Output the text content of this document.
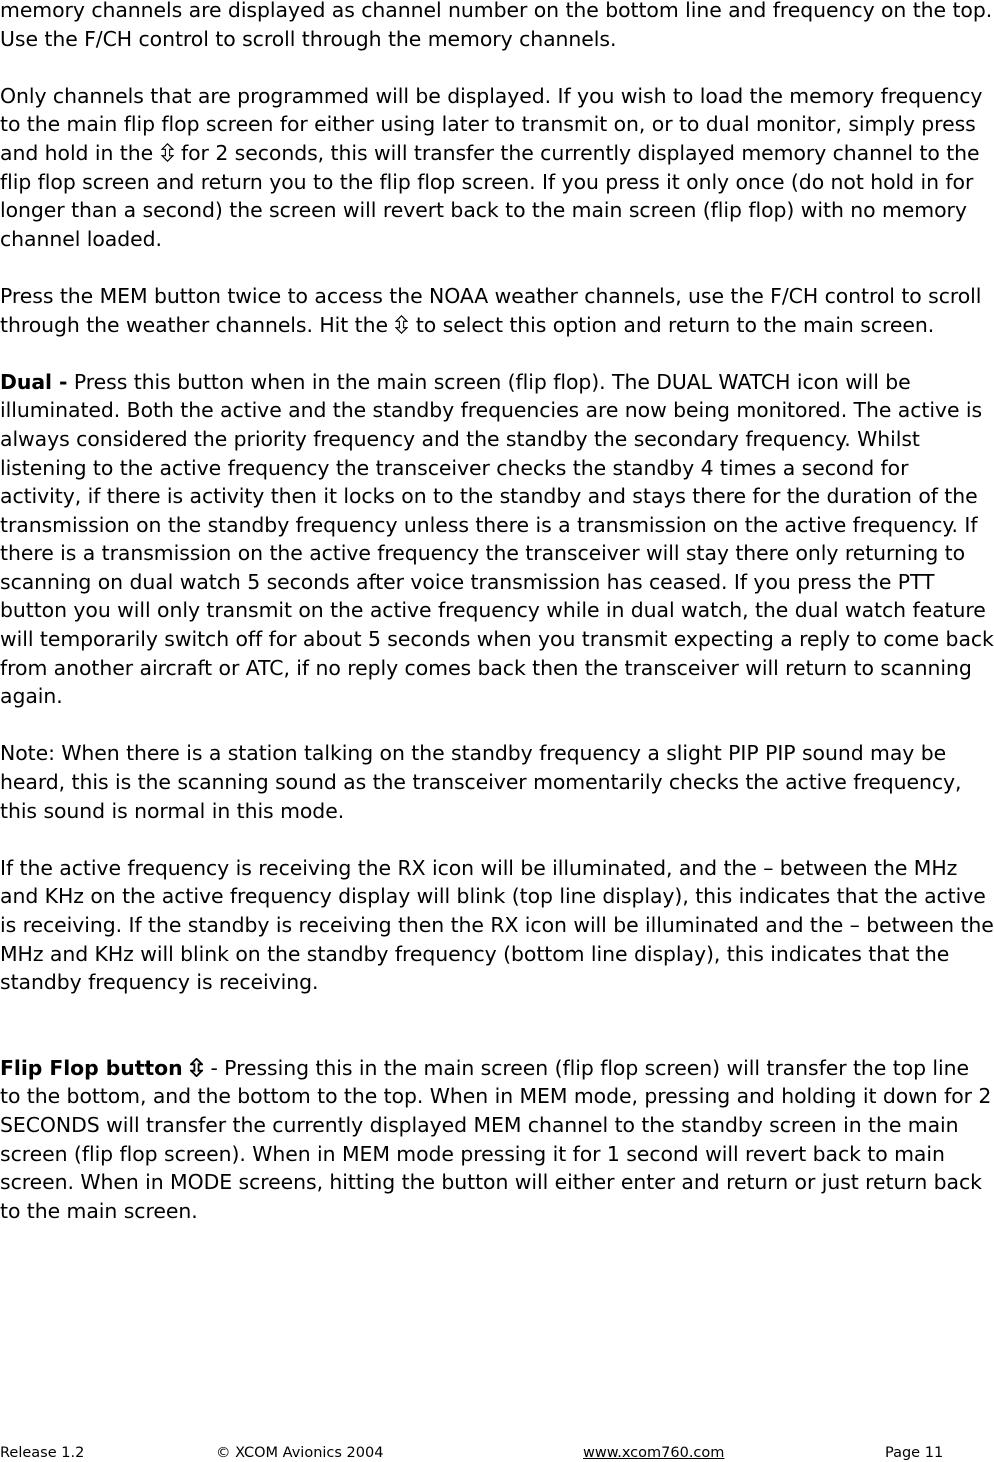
memory channels are displayed as channel number on the bottom line and frequency on the top. Use the F/CH control to scroll through the memory channels.

Only channels that are programmed will be displayed. If you wish to load the memory frequency to the main flip flop screen for either using later to transmit on, or to dual monitor, simply press and hold in the for 2 seconds, this will transfer the currently displayed memory channel to the flip flop screen and return you to the flip flop screen. If you press it only once (do not hold in for longer than a second) the screen will revert back to the main screen (flip flop) with no memory channel loaded.

Press the MEM button twice to access the NOAA weather channels, use the F/CH control to scroll through the weather channels. Hit the to select this option and return to the main screen.

Dual - Press this button when in the main screen (flip flop). The DUAL WATCH icon will be illuminated. Both the active and the standby frequencies are now being monitored. The active is always considered the priority frequency and the standby the secondary frequency. Whilst listening to the active frequency the transceiver checks the standby 4 times a second for activity, if there is activity then it locks on to the standby and stays there for the duration of the transmission on the standby frequency unless there is a transmission on the active frequency. If there is a transmission on the active frequency the transceiver will stay there only returning to scanning on dual watch 5 seconds after voice transmission has ceased. If you press the PTT button you will only transmit on the active frequency while in dual watch, the dual watch feature will temporarily switch off for about 5 seconds when you transmit expecting a reply to come back from another aircraft or ATC, if no reply comes back then the transceiver will return to scanning again.

Note: When there is a station talking on the standby frequency a slight PIP PIP sound may be heard, this is the scanning sound as the transceiver momentarily checks the active frequency, this sound is normal in this mode.

If the active frequency is receiving the RX icon will be illuminated, and the – between the MHz and KHz on the active frequency display will blink (top line display), this indicates that the active is receiving. If the standby is receiving then the RX icon will be illuminated and the – between the MHz and KHz will blink on the standby frequency (bottom line display), this indicates that the standby frequency is receiving.

Flip Flop button - Pressing this in the main screen (flip flop screen) will transfer the top line to the bottom, and the bottom to the top. When in MEM mode, pressing and holding it down for 2 SECONDS will transfer the currently displayed MEM channel to the standby screen in the main screen (flip flop screen). When in MEM mode pressing it for 1 second will revert back to main screen. When in MODE screens, hitting the button will either enter and return or just return back to the main screen.

Release 1.2	© XCOM Avionics 2004	www.xcom760.com	Page 11
